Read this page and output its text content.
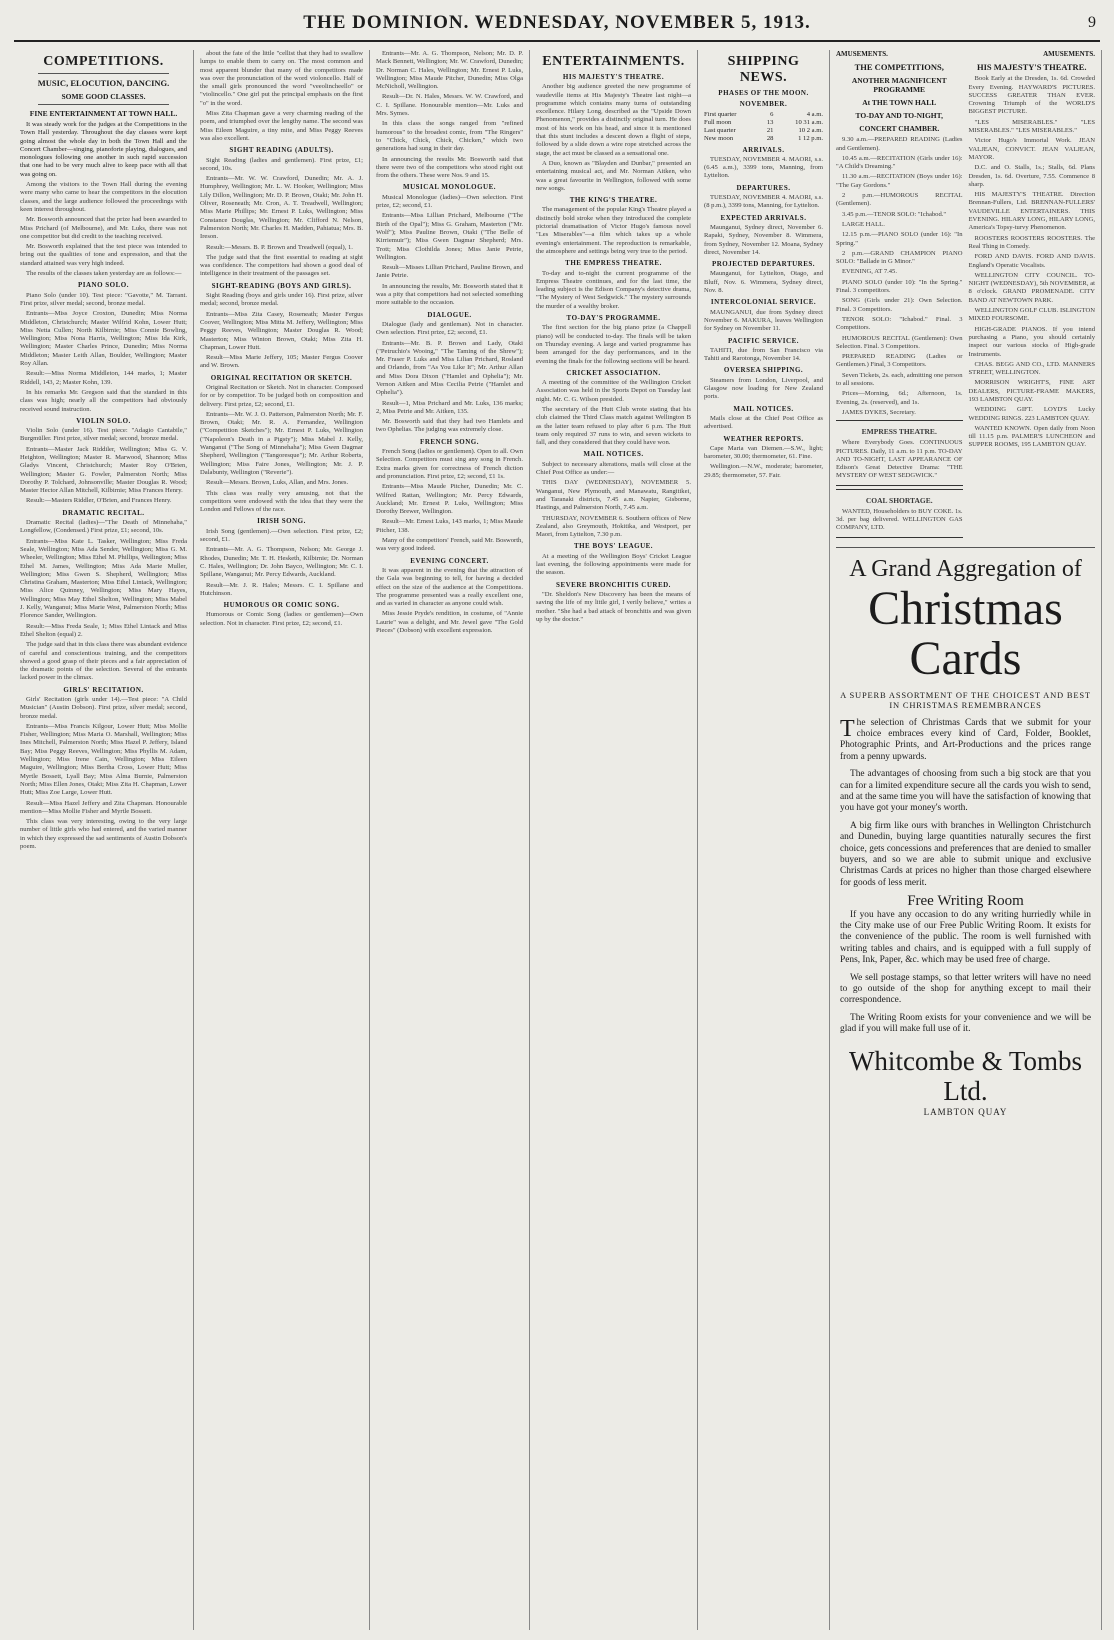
THE DOMINION. WEDNESDAY, NOVEMBER 5, 1913.	9
COMPETITIONS.
MUSIC, ELOCUTION, DANCING.
SOME GOOD CLASSES.
FINE ENTERTAINMENT AT TOWN HALL.

It was steady work for the judges at the Competitions in the Town Hall yesterday. Throughout the day classes were kept going almost the whole day in both the Town Hall and the Concert Chamber—singing, pianoforte playing, dialogues, and monologues following one another in such rapid succession that one had to be very much alive to keep pace with all that was going on.

Among the visitors to the Town Hall during the evening were many who came to hear the competitors in the elocution classes, and the large audience followed the proceedings with keen interest throughout.

Mr. Bosworth announced that the prize had been awarded to Miss Prichard (of Melbourne), and Mr. Luks, there was not one competitor but did credit to the teaching received.

Mr. Bosworth explained that the test piece was intended to bring out the qualities of tone and expression, and that the standard attained was very high indeed.

The results of the classes taken yesterday are as follows:—

PIANO SOLO.

Piano Solo (under 10). Test piece: "Gavotte," M. Tarrant. First prize, silver medal; second, bronze medal.

Entrants—Miss Joyce Croxton, Dunedin; Miss Norma Middleton, Christchurch; Master Wilfrid Kohn, Lower Hutt; Miss Netta Cullen; North Kilbirnie; Miss Connie Bowling, Wellington; Miss Nona Harris, Wellington; Miss Ida Kirk, Wellington; Master Charles Prince, Dunedin; Miss Norma Middleton; Master Leith Allan, Boulder, Wellington; Master Roy Allan.

Result:—Miss Norma Middleton, 144 marks, 1; Master Riddell, 143, 2; Master Kohn, 139.

In his remarks Mr. Gregson said that the standard in this class was high; nearly all the competitors had obviously received sound instruction.

VIOLIN SOLO.

Violin Solo (under 16). Test piece: "Adagio Cantabile," Burgmüller. First prize, silver medal; second, bronze medal.

Entrants—Master Jack Riddiler, Wellington; Miss G. V. Heighton, Wellington; Master R. Marwood, Shannon; Miss Gladys Vincent, Christchurch; Master Roy O'Brien, Wellington; Master G. Fowler, Palmerston North; Miss Dorothy P. Tolchard, Johnsonville; Master Douglas R. Wood; Master Hector Allan Mitchell, Kilbirnie; Miss Frances Henry.

Result:—Masters Riddler, O'Brien, and Frances Henry.

DRAMATIC RECITAL.

Dramatic Recital (ladies)—"The Death of Minnehaha," Longfellow, (Condensed.) First prize, £1; second, 10s.

Entrants—Miss Kate L. Tasker, Wellington; Miss Freda Seale, Wellington; Miss Ada Sender, Wellington; Miss G. M. Wheeler, Wellington; Miss Ethel M. Phillips, Wellington; Miss Ethel M. James, Wellington; Miss Ada Marie Muller, Wellington; Miss Gwen S. Shepherd, Wellington; Miss Christina Graham, Masterton; Miss Ethel Lintack, Wellington; Miss Alice Quinney, Wellington; Miss Mary Hayes, Wellington; Miss May Ethel Shelton, Wellington; Miss Mabel J. Kelly, Wanganui; Miss Marie West, Palmerston North; Miss Florence Sander, Wellington.

Result:—Miss Freda Seale, 1; Miss Ethel Lintack and Miss Ethel Shelton (equal) 2.

The judge said that in this class there was abundant evidence of careful and conscientious training, and the competitors showed a good grasp of their pieces and a fair appreciation of the dramatic points of the selection. Several of the entrants lacked power in the climax.

GIRLS' RECITATION.

Girls' Recitation (girls under 14).—Test piece: "A Child Musician" (Austin Dobson). First prize, silver medal; second, bronze medal.

Entrants—Miss Francis Kilgour, Lower Hutt; Miss Mollie Fisher, Wellington; Miss Maria O. Marshall, Wellington; Miss Ines Mitchell, Palmerston North; Miss Hazel P. Jeffery, Island Bay; Miss Peggy Reeves, Wellington; Miss Phyllis M. Adam, Wellington; Miss Irene Cain, Wellington; Miss Eileen Maguire, Wellington; Miss Bertha Cross, Lower Hutt; Miss Myrtle Bossett, Lyall Bay; Miss Alma Burnie, Palmerston North; Miss Ellen Jones, Otaki; Miss Zita H. Chapman, Lower Hutt; Miss Zoe Large, Lower Hutt.

Result—Miss Hazel Jeffery and Zita Chapman. Honourable mention—Miss Mollie Fisher and Myrtle Bossett.

This class was very interesting, owing to the very large number of little girls who had entered, and the varied manner in which they expressed the sad sentiments of Austin Dobson's poem.

about the fate of the little "cellist that they had to swallow lumps to enable them to carry on. The most common and most apparent blunder that many of the competitors made was over the pronunciation of the word violoncello. Half of the small girls pronounced the word "veeolincheello" or "violincello." One girl put the principal emphasis on the first "o" in the word.

Miss Zita Chapman gave a very charming reading of the poem, and triumphed over the lengthy name. The second was Miss Eileen Maguire, a tiny mite, and Miss Peggy Reeves was also excellent.

SIGHT READING (ADULTS).

Sight Reading (ladies and gentlemen). First prize, £1; second, 10s.

Entrants—Mr. W. W. Crawford, Dunedin; Mr. A. J. Humphrey, Wellington; Mr. L. W. Hooker, Wellington; Miss Lily Dillon, Wellington; Mr. D. P. Brown, Otaki; Mr. John H. Oliver, Roseneath; Mr. Cron, A. T. Treadwell, Wellington; Miss Marie Phillips; Mr. Ernest P. Luks, Wellington; Miss Constance Douglas, Wellington; Mr. Clifford N. Nelson, Palmerston North; Mr. Charles H. Madden, Pahiatua; Mrs. B. Ireson.

Result:—Messrs. B. P. Brown and Treadwell (equal), 1.

The judge said that the first essential to reading at sight was confidence. The competitors had shown a good deal of intelligence in their treatment of the passages set.

SIGHT-READING (BOYS AND GIRLS).

Sight Reading (boys and girls under 16). First prize, silver medal; second, bronze medal.

Entrants—Miss Zita Casey, Roseneath; Master Fergus Coover, Wellington; Miss Mitta M. Jeffery, Wellington; Miss Peggy Reeves, Wellington; Master Douglas R. Wood; Masterton; Miss Winton Brown, Otaki; Miss Zita H. Chapman, Lower Hutt.

Result—Miss Marie Jeffery, 105; Master Fergus Coover and W. Brown.

ORIGINAL RECITATION OR SKETCH.

Original Recitation or Sketch. Not in character. Composed for or by competitor. To be judged both on composition and delivery. First prize, £2; second, £1.

Entrants—Mr. W. J. O. Patterson, Palmerston North; Mr. F. Brown, Otaki; Mr. R. A. Fernandez, Wellington ("Competition Sketches"); Mr. Ernest P. Luks, Wellington ("Napoleon's Death in a Pigsty"); Miss Mabel J. Kelly, Wanganui ("The Song of Minnehaha"); Miss Gwen Dagmar Shepherd, Wellington ("Tangoresque"); Mr. Arthur Roberts, Wellington; Miss Faire Jones, Wellington; Mr. J. P. Dalabunty, Wellington ("Reverie").

Result—Messrs. Brown, Luks, Allan, and Mrs. Jones.

This class was really very amusing, not that the competitors were endowed with the idea that they were the London and Fellows of the race.

IRISH SONG.

Irish Song (gentlemen).—Own selection. First prize, £2; second, £1.

Entrants—Mr. A. G. Thompson, Nelson; Mr. George J. Rhodes, Dunedin; Mr. T. H. Hesketh, Kilbirnie; Dr. Norman C. Hales, Wellington; Dr. John Bayco, Wellington; Mr. C. I. Spillane, Wanganui; Mr. Percy Edwards, Auckland.

Result—Mr. J. R. Hales; Messrs. C. I. Spillane and Hutchinson.

HUMOROUS OR COMIC SONG.

Humorous or Comic Song (ladies or gentlemen)—Own selection. Not in character. First prize, £2; second, £1.

Entrants—Mr. A. G. Thompson, Nelson; Mr. D. P. Mack Bennett, Wellington; Mr. W. Crawford, Dunedin; Dr. Norman C. Hales, Wellington; Mr. Ernest P. Luks, Wellington; Miss Maude Pitcher, Dunedin; Miss Olga McNicholl, Wellington.

Result—Dr. N. Hales, Messrs. W. W. Crawford, and C. I. Spillane. Honourable mention—Mr. Luks and Mrs. Symes.

In this class the songs ranged from "refined humorous" to the broadest comic, from "The Ringers" to "Chick, Chick, Chick, Chicken," which two generations had sung in their day.

In announcing the results Mr. Bosworth said that there were two of the competitors who stood right out from the others. These were Nos. 9 and 15.

MUSICAL MONOLOGUE.

Musical Monologue (ladies)—Own selection. First prize, £2; second, £1.

Entrants—Miss Lillian Prichard, Melbourne ("The Birth of the Opal"); Miss G. Graham, Masterton ("Mr. Wolf"); Miss Pauline Brown, Otaki ("The Belle of Kirriemuir"); Miss Gwen Dagmar Shepherd; Mrs. Trott; Miss Clothilda Jones; Miss Janie Petrie, Wellington.

Result—Misses Lillian Prichard, Pauline Brown, and Janie Petrie.

In announcing the results, Mr. Bosworth stated that it was a pity that competitors had not selected something more suitable to the occasion.

DIALOGUE.

Dialogue (lady and gentleman). Not in character. Own selection. First prize, £2; second, £1.

Entrants—Mr. B. P. Brown and Lady, Otaki ("Petruchio's Wooing," "The Taming of the Shrew"); Mr. Fraser P. Luks and Miss Lilian Prichard, Rosland and Orlando, from "As You Like It"; Mr. Arthur Allan and Miss Dora Dixon ("Hamlet and Ophelia"); Mr. Vernon Aitken and Miss Cecilia Petrie ("Hamlet and Ophelia").

Result—1, Miss Prichard and Mr. Luks, 136 marks; 2, Miss Petrie and Mr. Aitken, 135.

Mr. Bosworth said that they had two Hamlets and two Ophelias. The judging was extremely close.

FRENCH SONG.

French Song (ladies or gentlemen). Open to all. Own Selection. Competitors must sing any song in French. Extra marks given for correctness of French diction and pronunciation. First prize, £2; second, £1 1s.

Entrants—Miss Maude Pitcher, Dunedin; Mr. C. Wilfred Rattan, Wellington; Mr. Percy Edwards, Auckland; Mr. Ernest P. Luks, Wellington; Miss Dorothy Brewer, Wellington.

Result—Mr. Ernest Luks, 143 marks, 1; Miss Maude Pitcher, 138.

Many of the competitors' French, said Mr. Bosworth, was very good indeed.

EVENING CONCERT.

It was apparent in the evening that the attraction of the Gala was beginning to tell, for having a decided effect on the size of the audience at the Competitions. The programme presented was a really excellent one, and as varied in character as anyone could wish.

Miss Jessie Pryde's rendition, in costume, of "Annie Laurie" was a delight, and Mr. Jewel gave "The Gold Pieces" (Dobson) with excellent expression.

ENTERTAINMENTS.
HIS MAJESTY'S THEATRE.

Another big audience greeted the new programme of vaudeville items at His Majesty's Theatre last night—a programme which contains many turns of outstanding excellence. Hilary Long, described as the "Upside Down Phenomenon," provides a distinctly original turn. He does most of his work on his head, and since it is mentioned that this stunt includes a descent down a flight of steps, followed by a slide down a wire rope stretched across the stage, the act must be classed as a sensational one.

A Duo, known as "Blayden and Dunbar," presented an entertaining musical act, and Mr. Norman Aitken, who was a great favourite in Wellington, followed with some new songs.

THE KING'S THEATRE.

The management of the popular King's Theatre played a distinctly bold stroke when they introduced the complete pictorial dramatisation of Victor Hugo's famous novel "Les Miserables"—a film which takes up a whole evening's entertainment. The reproduction is remarkable, the atmosphere and settings being very true to the period.

THE EMPRESS THEATRE.

To-day and to-night the current programme of the Empress Theatre continues, and for the last time, the leading subject is the Edison Company's detective drama, "The Mystery of West Sedgwick." The mystery surrounds the murder of a wealthy broker.

TO-DAY'S PROGRAMME.

The first section for the big piano prize (a Chappell piano) will be conducted to-day. The finals will be taken on Thursday evening. A large and varied programme has been arranged for the day performances, and in the evening the finals for the following sections will be heard.

CRICKET ASSOCIATION.

A meeting of the committee of the Wellington Cricket Association was held in the Sports Depot on Tuesday last night. Mr. C. G. Wilson presided.

The secretary of the Hutt Club wrote stating that his club claimed the Third Class match against Wellington B as the latter team refused to play after 6 p.m. The Hutt team only required 37 runs to win, and seven wickets to fall, and they considered that they could have won.

MAIL NOTICES.

Subject to necessary alterations, mails will close at the Chief Post Office as under:—

THIS DAY (WEDNESDAY), NOVEMBER 5. Wanganui, New Plymouth, and Manawatu, Rangitikei, and Taranaki districts, 7.45 a.m. Napier, Gisborne, Hastings, and Palmerston North, 7.45 a.m.

THURSDAY, NOVEMBER 6. Southern offices of New Zealand, also Greymouth, Hokitika, and Westport, per Maori, from Lyttelton, 7.30 p.m.

THE BOYS' LEAGUE.

At a meeting of the Wellington Boys' Cricket League last evening, the following appointments were made for the season.

SEVERE BRONCHITIS CURED.

"Dr. Sheldon's New Discovery has been the means of saving the life of my little girl, I verily believe," writes a mother. "She had a bad attack of bronchitis and was given up by the doctor."

SHIPPING NEWS.
PHASES OF THE MOON.
NOVEMBER.
First quarter	6	4 a.m.
Full moon	13	10 31 a.m.
Last quarter	21	10 2 a.m.
New moon	28	1 12 p.m.
ARRIVALS.

TUESDAY, NOVEMBER 4. MAORI, s.s. (6.45 a.m.), 3399 tons, Manning, from Lyttelton.

DEPARTURES.

TUESDAY, NOVEMBER 4. MAORI, s.s. (8 p.m.), 3399 tons, Manning, for Lyttelton.

EXPECTED ARRIVALS.

Maunganui, Sydney direct, November 6. Rapaki, Sydney, November 8. Wimmera, from Sydney, November 12. Moana, Sydney direct, November 14.

PROJECTED DEPARTURES.

Maunganui, for Lyttelton, Otago, and Bluff, Nov. 6. Wimmera, Sydney direct, Nov. 8.

INTERCOLONIAL SERVICE.

MAUNGANUI, due from Sydney direct November 6. MAKURA, leaves Wellington for Sydney on November 11.

PACIFIC SERVICE.

TAHITI, due from San Francisco via Tahiti and Rarotonga, November 14.

OVERSEA SHIPPING.

Steamers from London, Liverpool, and Glasgow now loading for New Zealand ports.

MAIL NOTICES.

Mails close at the Chief Post Office as advertised.

WEATHER REPORTS.

Cape Maria van Diemen.—S.W., light; barometer, 30.00; thermometer, 61. Fine.

Wellington.—N.W., moderate; barometer, 29.85; thermometer, 57. Fair.

AMUSEMENTS.	AMUSEMENTS.
THE COMPETITIONS,
ANOTHER MAGNIFICENT PROGRAMME
At THE TOWN HALL
TO-DAY AND TO-NIGHT,
CONCERT CHAMBER.

9.30 a.m.—PREPARED READING (Ladies and Gentlemen).

10.45 a.m.—RECITATION (Girls under 16): "A Child's Dreaming."

11.30 a.m.—RECITATION (Boys under 16): "The Gay Gordons."

2 p.m.—HUMOROUS RECITAL (Gentlemen).

3.45 p.m.—TENOR SOLO: "Ichabod."

LARGE HALL.

12.15 p.m.—PIANO SOLO (under 16): "In Spring."

2 p.m.—GRAND CHAMPION PIANO SOLO: "Ballade in G Minor."

EVENING, AT 7.45.

PIANO SOLO (under 10): "In the Spring." Final. 3 competitors.

SONG (Girls under 21): Own Selection. Final. 3 Competitors.

TENOR SOLO: "Ichabod." Final. 3 Competitors.

HUMOROUS RECITAL (Gentlemen): Own Selection. Final. 3 Competitors.

PREPARED READING (Ladies or Gentlemen.) Final, 3 Competitors.

Seven Tickets, 2s. each, admitting one person to all sessions.

Prices—Morning, 6d.; Afternoon, 1s. Evening, 2s. (reserved), and 1s.

JAMES DYKES, Secretary.

EMPRESS THEATRE.

Where Everybody Goes. CONTINUOUS PICTURES. Daily, 11 a.m. to 11 p.m. TO-DAY AND TO-NIGHT, LAST APPEARANCE OF Edison's Great Detective Drama: "THE MYSTERY OF WEST SEDGWICK."

COAL SHORTAGE.

WANTED, Householders to BUY COKE. 1s. 3d. per bag delivered. WELLINGTON GAS COMPANY, LTD.

HIS MAJESTY'S THEATRE.

Book Early at the Dresden, 1s. 6d. Crowded Every Evening. HAYWARD'S PICTURES. SUCCESS GREATER THAN EVER. Crowning Triumph of the WORLD'S BIGGEST PICTURE.

"LES MISERABLES." "LES MISERABLES." "LES MISERABLES."

Victor Hugo's Immortal Work. JEAN VALJEAN, CONVICT. JEAN VALJEAN, MAYOR.

D.C. and O. Stalls, 1s.; Stalls, 6d. Plans Dresden, 1s. 6d. Overture, 7.55. Commence 8 sharp.

HIS MAJESTY'S THEATRE. Direction Brennan-Fullers, Ltd. BRENNAN-FULLERS' VAUDEVILLE ENTERTAINERS. THIS EVENING. HILARY LONG, HILARY LONG, America's Topsy-turvy Phenomenon.

ROOSTERS ROOSTERS ROOSTERS. The Real Thing in Comedy.

FORD AND DAVIS. FORD AND DAVIS. England's Operatic Vocalists.

WELLINGTON CITY COUNCIL. TO-NIGHT (WEDNESDAY), 5th NOVEMBER, at 8 o'clock. GRAND PROMENADE. CITY BAND AT NEWTOWN PARK.

WELLINGTON GOLF CLUB. ISLINGTON MIXED FOURSOME.

HIGH-GRADE PIANOS. If you intend purchasing a Piano, you should certainly inspect our various stocks of High-grade Instruments.

CHAS. BEGG AND CO., LTD. MANNERS STREET, WELLINGTON.

MORRISON WRIGHT'S, FINE ART DEALERS, PICTURE-FRAME MAKERS, 193 LAMBTON QUAY.

WEDDING GIFT. LOYD'S Lucky WEDDING RINGS. 223 LAMBTON QUAY.

WANTED KNOWN. Open daily from Noon till 11.15 p.m. PALMER'S LUNCHEON and SUPPER ROOMS, 195 LAMBTON QUAY.

A Grand Aggregation of
Christmas Cards
A SUPERB ASSORTMENT OF THE CHOICEST AND BEST IN CHRISTMAS REMEMBRANCES

The selection of Christmas Cards that we submit for your choice embraces every kind of Card, Folder, Booklet, Photographic Prints, and Art-Productions and the prices range from a penny upwards.

The advantages of choosing from such a big stock are that you can for a limited expenditure secure all the cards you wish to send, and at the same time you will have the satisfaction of knowing that you have got your money's worth.

A big firm like ours with branches in Wellington Christchurch and Dunedin, buying large quantities naturally secures the first choice, gets concessions and preferences that are denied to smaller buyers, and so we are able to submit unique and exclusive Christmas Cards at prices no higher than those charged elsewhere for goods of less merit.

Free Writing Room

If you have any occasion to do any writing hurriedly while in the City make use of our Free Public Writing Room. It exists for the convenience of the public. The room is well furnished with writing tables and chairs, and is equipped with a full supply of Pens, Ink, Paper, &c. which may be used free of charge.

We sell postage stamps, so that letter writers will have no need to go outside of the shop for anything except to mail their correspondence.

The Writing Room exists for your convenience and we will be glad if you will make full use of it.

Whitcombe & Tombs Ltd.
LAMBTON QUAY
